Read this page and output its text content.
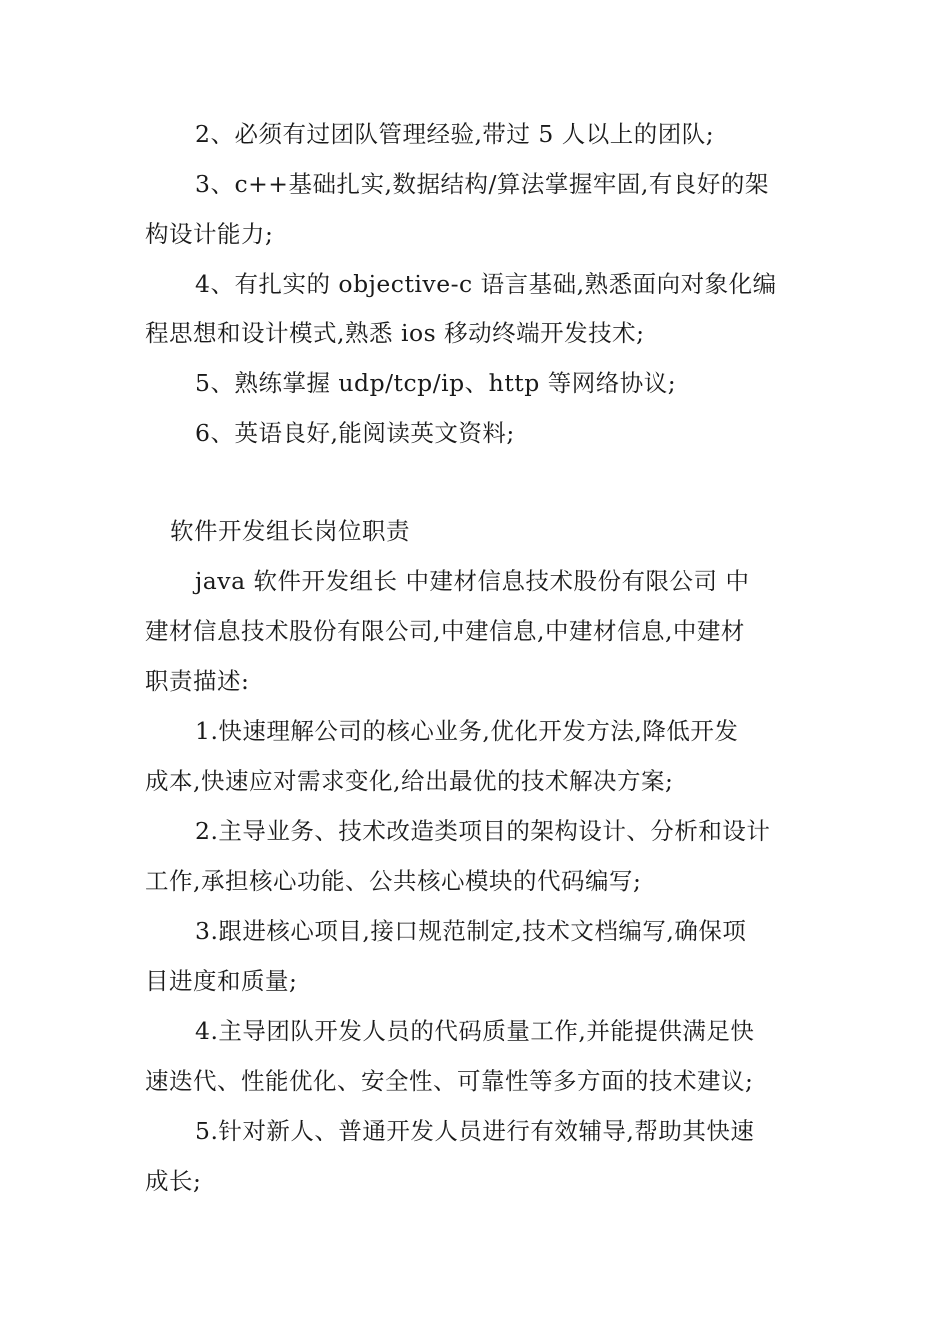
2、必须有过团队管理经验,带过 5 人以上的团队;
3、c++基础扎实,数据结构/算法掌握牢固,有良好的架
构设计能力;
4、有扎实的 objective-c 语言基础,熟悉面向对象化编
程思想和设计模式,熟悉 ios 移动终端开发技术;
5、熟练掌握 udp/tcp/ip、http 等网络协议;
6、英语良好,能阅读英文资料;
软件开发组长岗位职责
java 软件开发组长 中建材信息技术股份有限公司 中
建材信息技术股份有限公司,中建信息,中建材信息,中建材
职责描述:
1.快速理解公司的核心业务,优化开发方法,降低开发
成本,快速应对需求变化,给出最优的技术解决方案;
2.主导业务、技术改造类项目的架构设计、分析和设计
工作,承担核心功能、公共核心模块的代码编写;
3.跟进核心项目,接口规范制定,技术文档编写,确保项
目进度和质量;
4.主导团队开发人员的代码质量工作,并能提供满足快
速迭代、性能优化、安全性、可靠性等多方面的技术建议;
5.针对新人、普通开发人员进行有效辅导,帮助其快速
成长;
